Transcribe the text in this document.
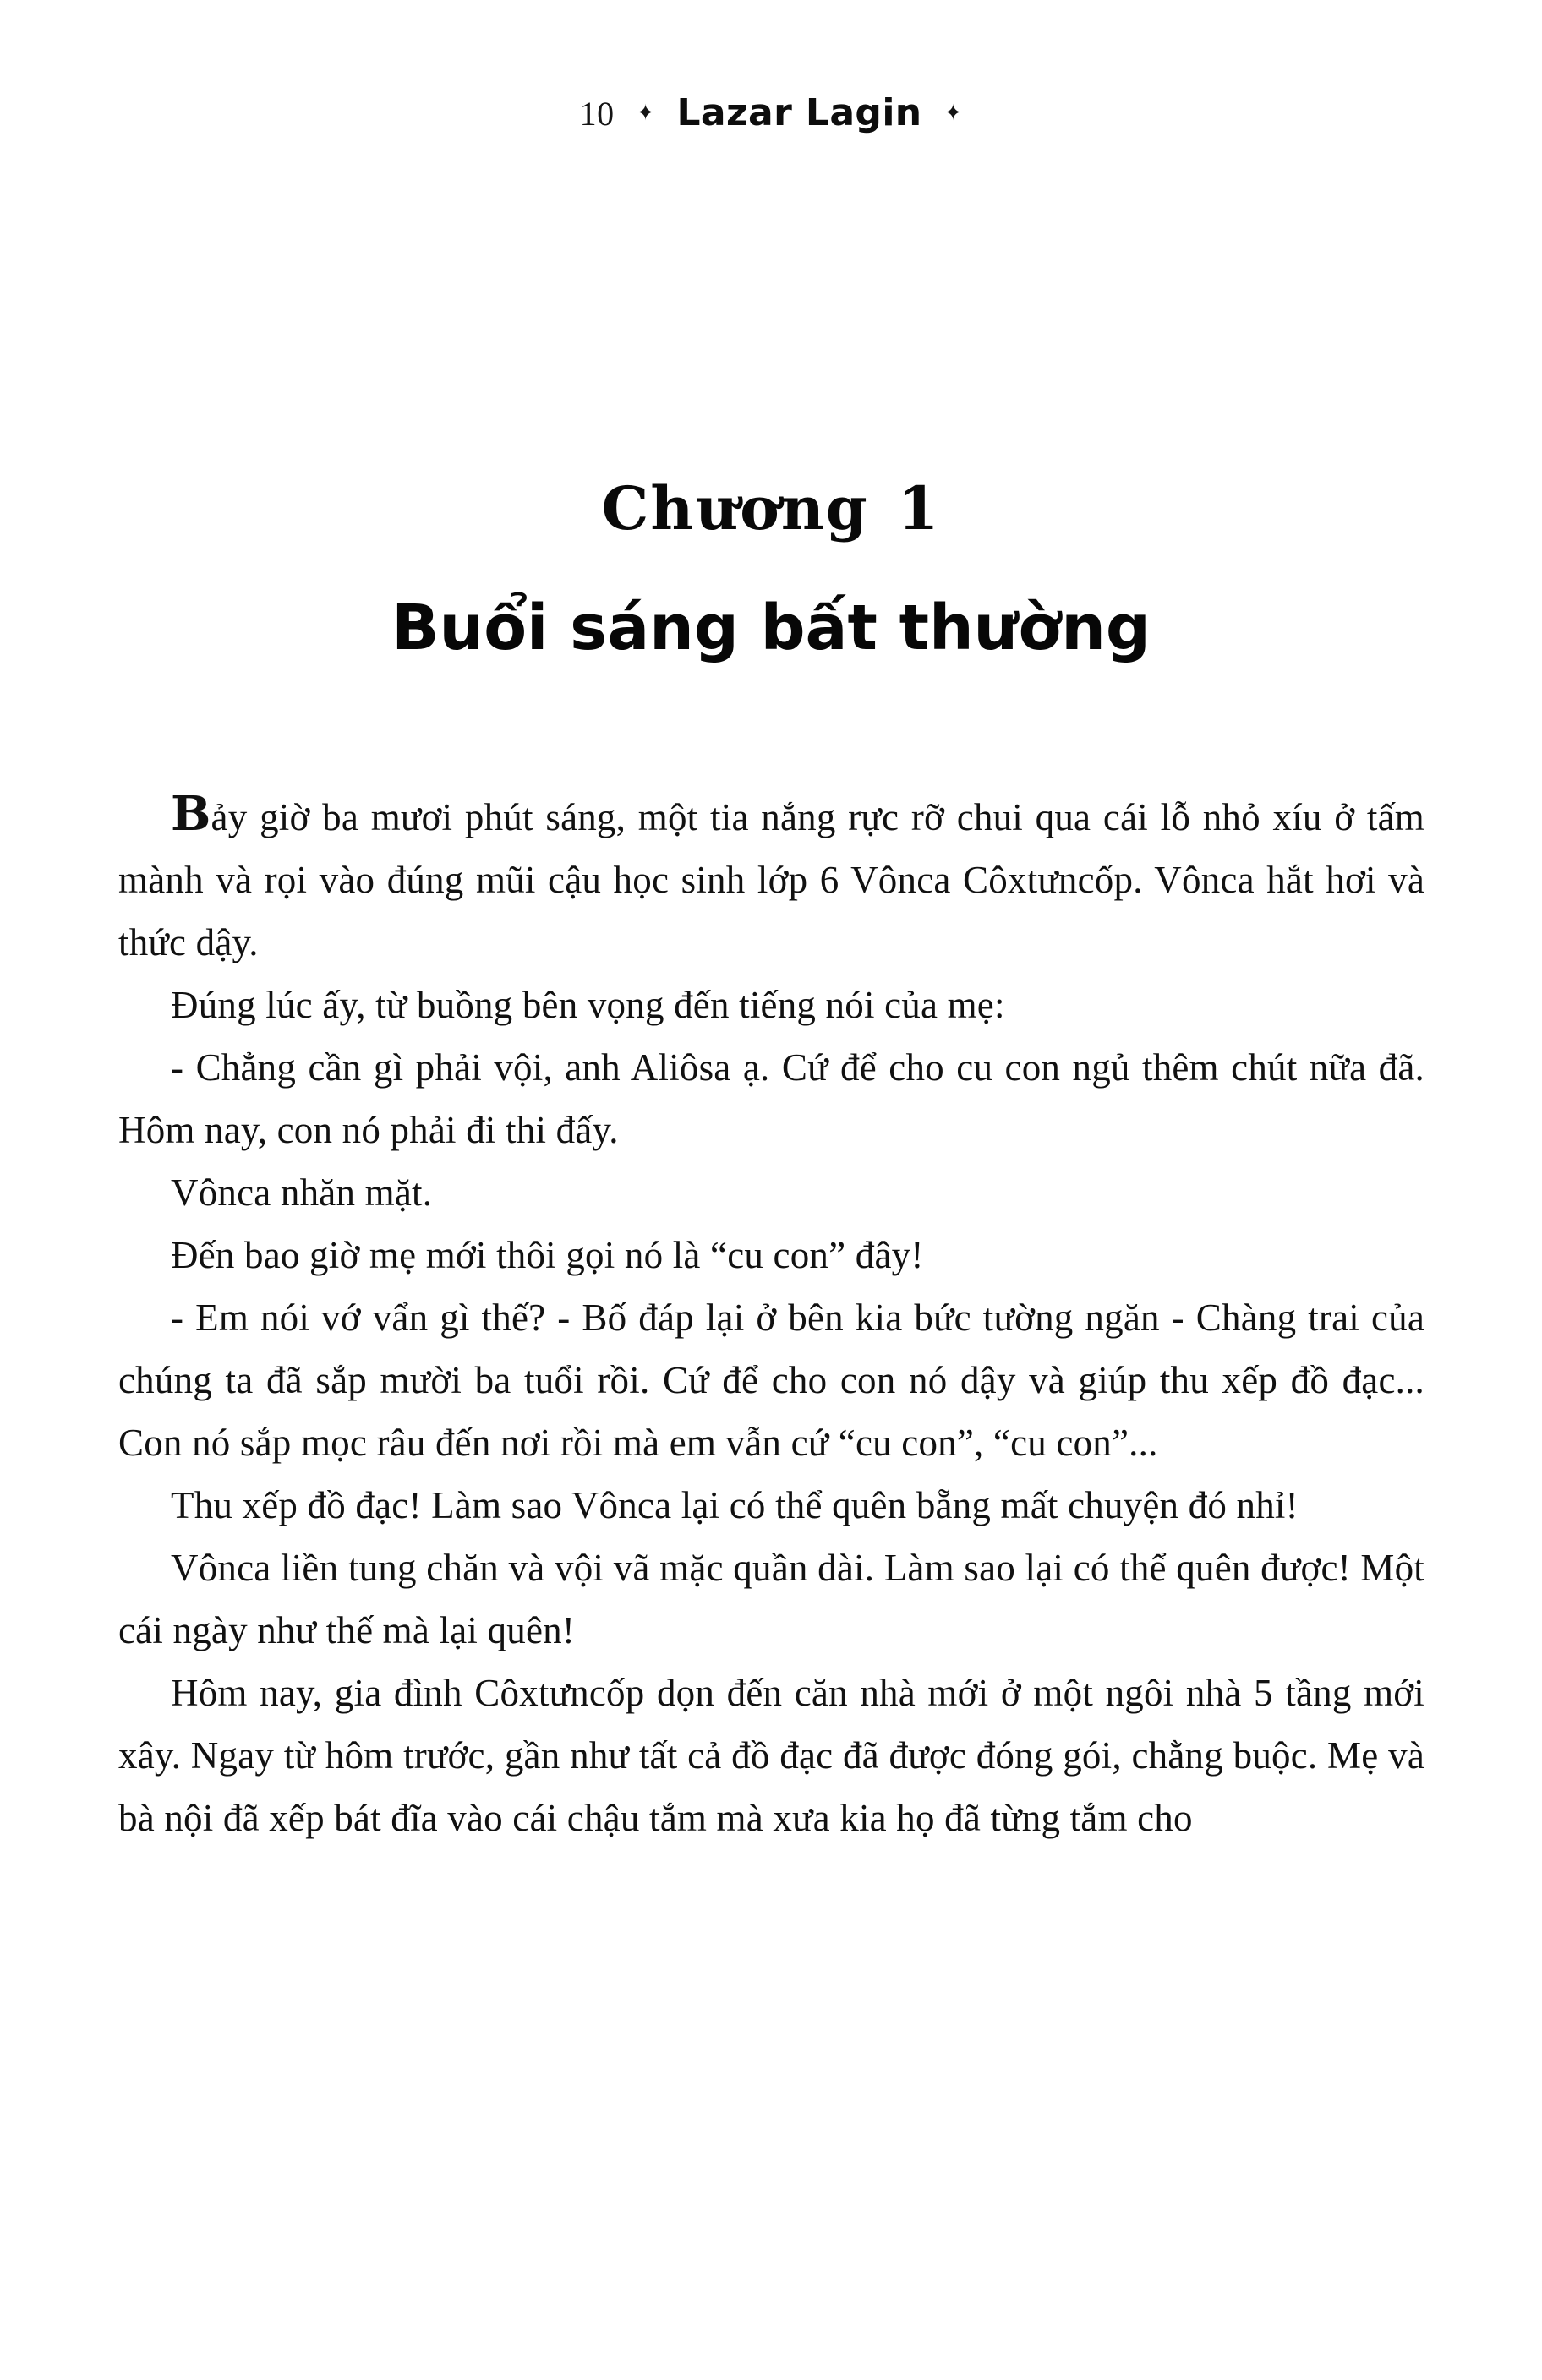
10 ✦ Lazar Lagin ✦
Chương 1
Buổi sáng bất thường

Bảy giờ ba mươi phút sáng, một tia nắng rực rỡ chui qua cái lỗ nhỏ xíu ở tấm mành và rọi vào đúng mũi cậu học sinh lớp 6 Vônca Côxtưncốp. Vônca hắt hơi và thức dậy.

Đúng lúc ấy, từ buồng bên vọng đến tiếng nói của mẹ:

- Chẳng cần gì phải vội, anh Aliôsa ạ. Cứ để cho cu con ngủ thêm chút nữa đã. Hôm nay, con nó phải đi thi đấy.

Vônca nhăn mặt.

Đến bao giờ mẹ mới thôi gọi nó là “cu con” đây!

- Em nói vớ vẩn gì thế? - Bố đáp lại ở bên kia bức tường ngăn - Chàng trai của chúng ta đã sắp mười ba tuổi rồi. Cứ để cho con nó dậy và giúp thu xếp đồ đạc... Con nó sắp mọc râu đến nơi rồi mà em vẫn cứ “cu con”, “cu con”...

Thu xếp đồ đạc! Làm sao Vônca lại có thể quên bẵng mất chuyện đó nhỉ!

Vônca liền tung chăn và vội vã mặc quần dài. Làm sao lại có thể quên được! Một cái ngày như thế mà lại quên!

Hôm nay, gia đình Côxtưncốp dọn đến căn nhà mới ở một ngôi nhà 5 tầng mới xây. Ngay từ hôm trước, gần như tất cả đồ đạc đã được đóng gói, chằng buộc. Mẹ và bà nội đã xếp bát đĩa vào cái chậu tắm mà xưa kia họ đã từng tắm cho
